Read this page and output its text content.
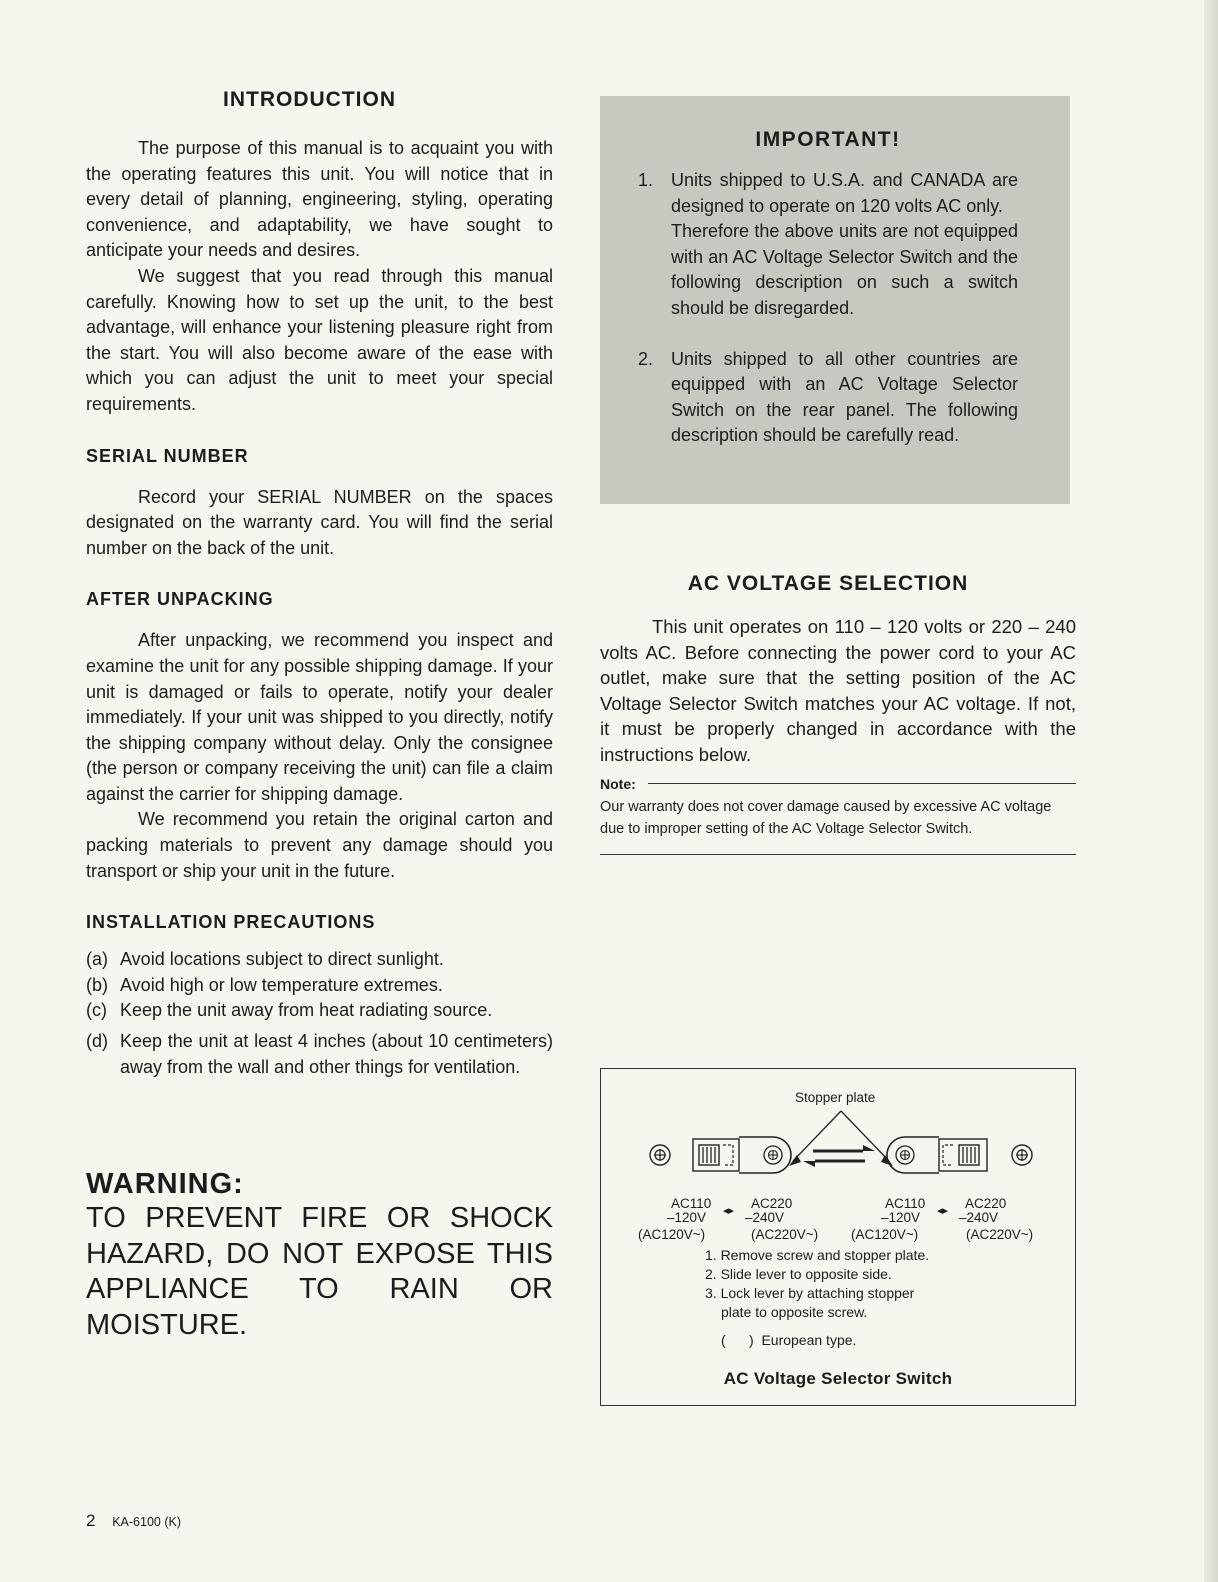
INTRODUCTION

The purpose of this manual is to acquaint you with the operating features this unit. You will notice that in every detail of planning, engineering, styling, operating convenience, and adaptability, we have sought to anticipate your needs and desires.

We suggest that you read through this manual carefully. Knowing how to set up the unit, to the best advantage, will enhance your listening pleasure right from the start. You will also become aware of the ease with which you can adjust the unit to meet your special requirements.

SERIAL NUMBER

Record your SERIAL NUMBER on the spaces designated on the warranty card. You will find the serial number on the back of the unit.

AFTER UNPACKING

After unpacking, we recommend you inspect and examine the unit for any possible shipping damage. If your unit is damaged or fails to operate, notify your dealer immediately. If your unit was shipped to you directly, notify the shipping company without delay. Only the consignee (the person or company receiving the unit) can file a claim against the carrier for shipping damage.

We recommend you retain the original carton and packing materials to prevent any damage should you transport or ship your unit in the future.

INSTALLATION PRECAUTIONS
(a) Avoid locations subject to direct sunlight.
(b) Avoid high or low temperature extremes.
(c) Keep the unit away from heat radiating source.
(d) Keep the unit at least 4 inches (about 10 centimeters) away from the wall and other things for ventilation.

WARNING:

TO PREVENT FIRE OR SHOCK HAZARD, DO NOT EXPOSE THIS APPLIANCE TO RAIN OR MOISTURE.

IMPORTANT!

1. Units shipped to U.S.A. and CANADA are designed to operate on 120 volts AC only.
Therefore the above units are not equipped with an AC Voltage Selector Switch and the following description on such a switch should be disregarded.
2. Units shipped to all other countries are equipped with an AC Voltage Selector Switch on the rear panel. The following description should be carefully read.
AC VOLTAGE SELECTION

This unit operates on 110 – 120 volts or 220 – 240 volts AC. Before connecting the power cord to your AC outlet, make sure that the setting position of the AC Voltage Selector Switch matches your AC voltage. If not, it must be properly changed in accordance with the instructions below.

Note:

Our warranty does not cover damage caused by excessive AC voltage due to improper setting of the AC Voltage Selector Switch.

Stopper plate
AC110
–120V ◂▸ AC220
–240V
(AC120V~)	(AC220V~)
AC110
–120V ◂▸ AC220
–240V
(AC120V~)	(AC220V~)
1. Remove screw and stopper plate.
2. Slide lever to opposite side.
3. Lock lever by attaching stopper
plate to opposite screw.
(      )  European type.
AC Voltage Selector Switch
2 KA-6100 (K)
